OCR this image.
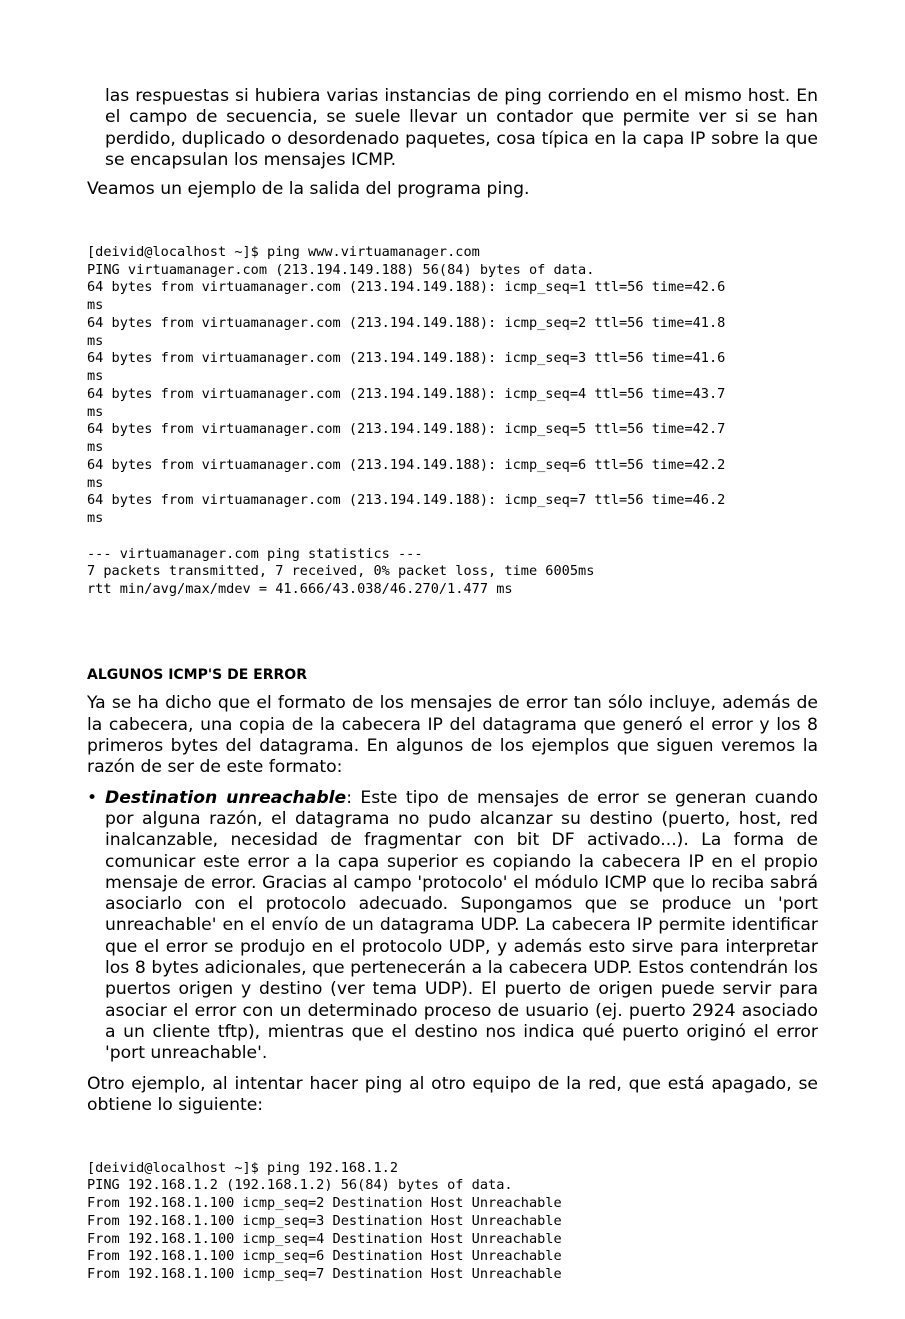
las respuestas si hubiera varias instancias de ping corriendo en el mismo host. En el campo de secuencia, se suele llevar un contador que permite ver si se han perdido, duplicado o desordenado paquetes, cosa típica en la capa IP sobre la que se encapsulan los mensajes ICMP.

Veamos un ejemplo de la salida del programa ping.

[deivid@localhost ~]$ ping www.virtuamanager.com
PING virtuamanager.com (213.194.149.188) 56(84) bytes of data.
64 bytes from virtuamanager.com (213.194.149.188): icmp_seq=1 ttl=56 time=42.6
ms
64 bytes from virtuamanager.com (213.194.149.188): icmp_seq=2 ttl=56 time=41.8
ms
64 bytes from virtuamanager.com (213.194.149.188): icmp_seq=3 ttl=56 time=41.6
ms
64 bytes from virtuamanager.com (213.194.149.188): icmp_seq=4 ttl=56 time=43.7
ms
64 bytes from virtuamanager.com (213.194.149.188): icmp_seq=5 ttl=56 time=42.7
ms
64 bytes from virtuamanager.com (213.194.149.188): icmp_seq=6 ttl=56 time=42.2
ms
64 bytes from virtuamanager.com (213.194.149.188): icmp_seq=7 ttl=56 time=46.2
ms
--- virtuamanager.com ping statistics ---
7 packets transmitted, 7 received, 0% packet loss, time 6005ms
rtt min/avg/max/mdev = 41.666/43.038/46.270/1.477 ms

ALGUNOS ICMP'S DE ERROR

Ya se ha dicho que el formato de los mensajes de error tan sólo incluye, además de la cabecera, una copia de la cabecera IP del datagrama que generó el error y los 8 primeros bytes del datagrama. En algunos de los ejemplos que siguen veremos la razón de ser de este formato:

• Destination unreachable: Este tipo de mensajes de error se generan cuando por alguna razón, el datagrama no pudo alcanzar su destino (puerto, host, red inalcanzable, necesidad de fragmentar con bit DF activado...). La forma de comunicar este error a la capa superior es copiando la cabecera IP en el propio mensaje de error. Gracias al campo 'protocolo' el módulo ICMP que lo reciba sabrá asociarlo con el protocolo adecuado. Supongamos que se produce un 'port unreachable' en el envío de un datagrama UDP. La cabecera IP permite identificar que el error se produjo en el protocolo UDP, y además esto sirve para interpretar los 8 bytes adicionales, que pertenecerán a la cabecera UDP. Estos contendrán los puertos origen y destino (ver tema UDP). El puerto de origen puede servir para asociar el error con un determinado proceso de usuario (ej. puerto 2924 asociado a un cliente tftp), mientras que el destino nos indica qué puerto originó el error 'port unreachable'.

Otro ejemplo, al intentar hacer ping al otro equipo de la red, que está apagado, se obtiene lo siguiente:

[deivid@localhost ~]$ ping 192.168.1.2
PING 192.168.1.2 (192.168.1.2) 56(84) bytes of data.
From 192.168.1.100 icmp_seq=2 Destination Host Unreachable
From 192.168.1.100 icmp_seq=3 Destination Host Unreachable
From 192.168.1.100 icmp_seq=4 Destination Host Unreachable
From 192.168.1.100 icmp_seq=6 Destination Host Unreachable
From 192.168.1.100 icmp_seq=7 Destination Host Unreachable
